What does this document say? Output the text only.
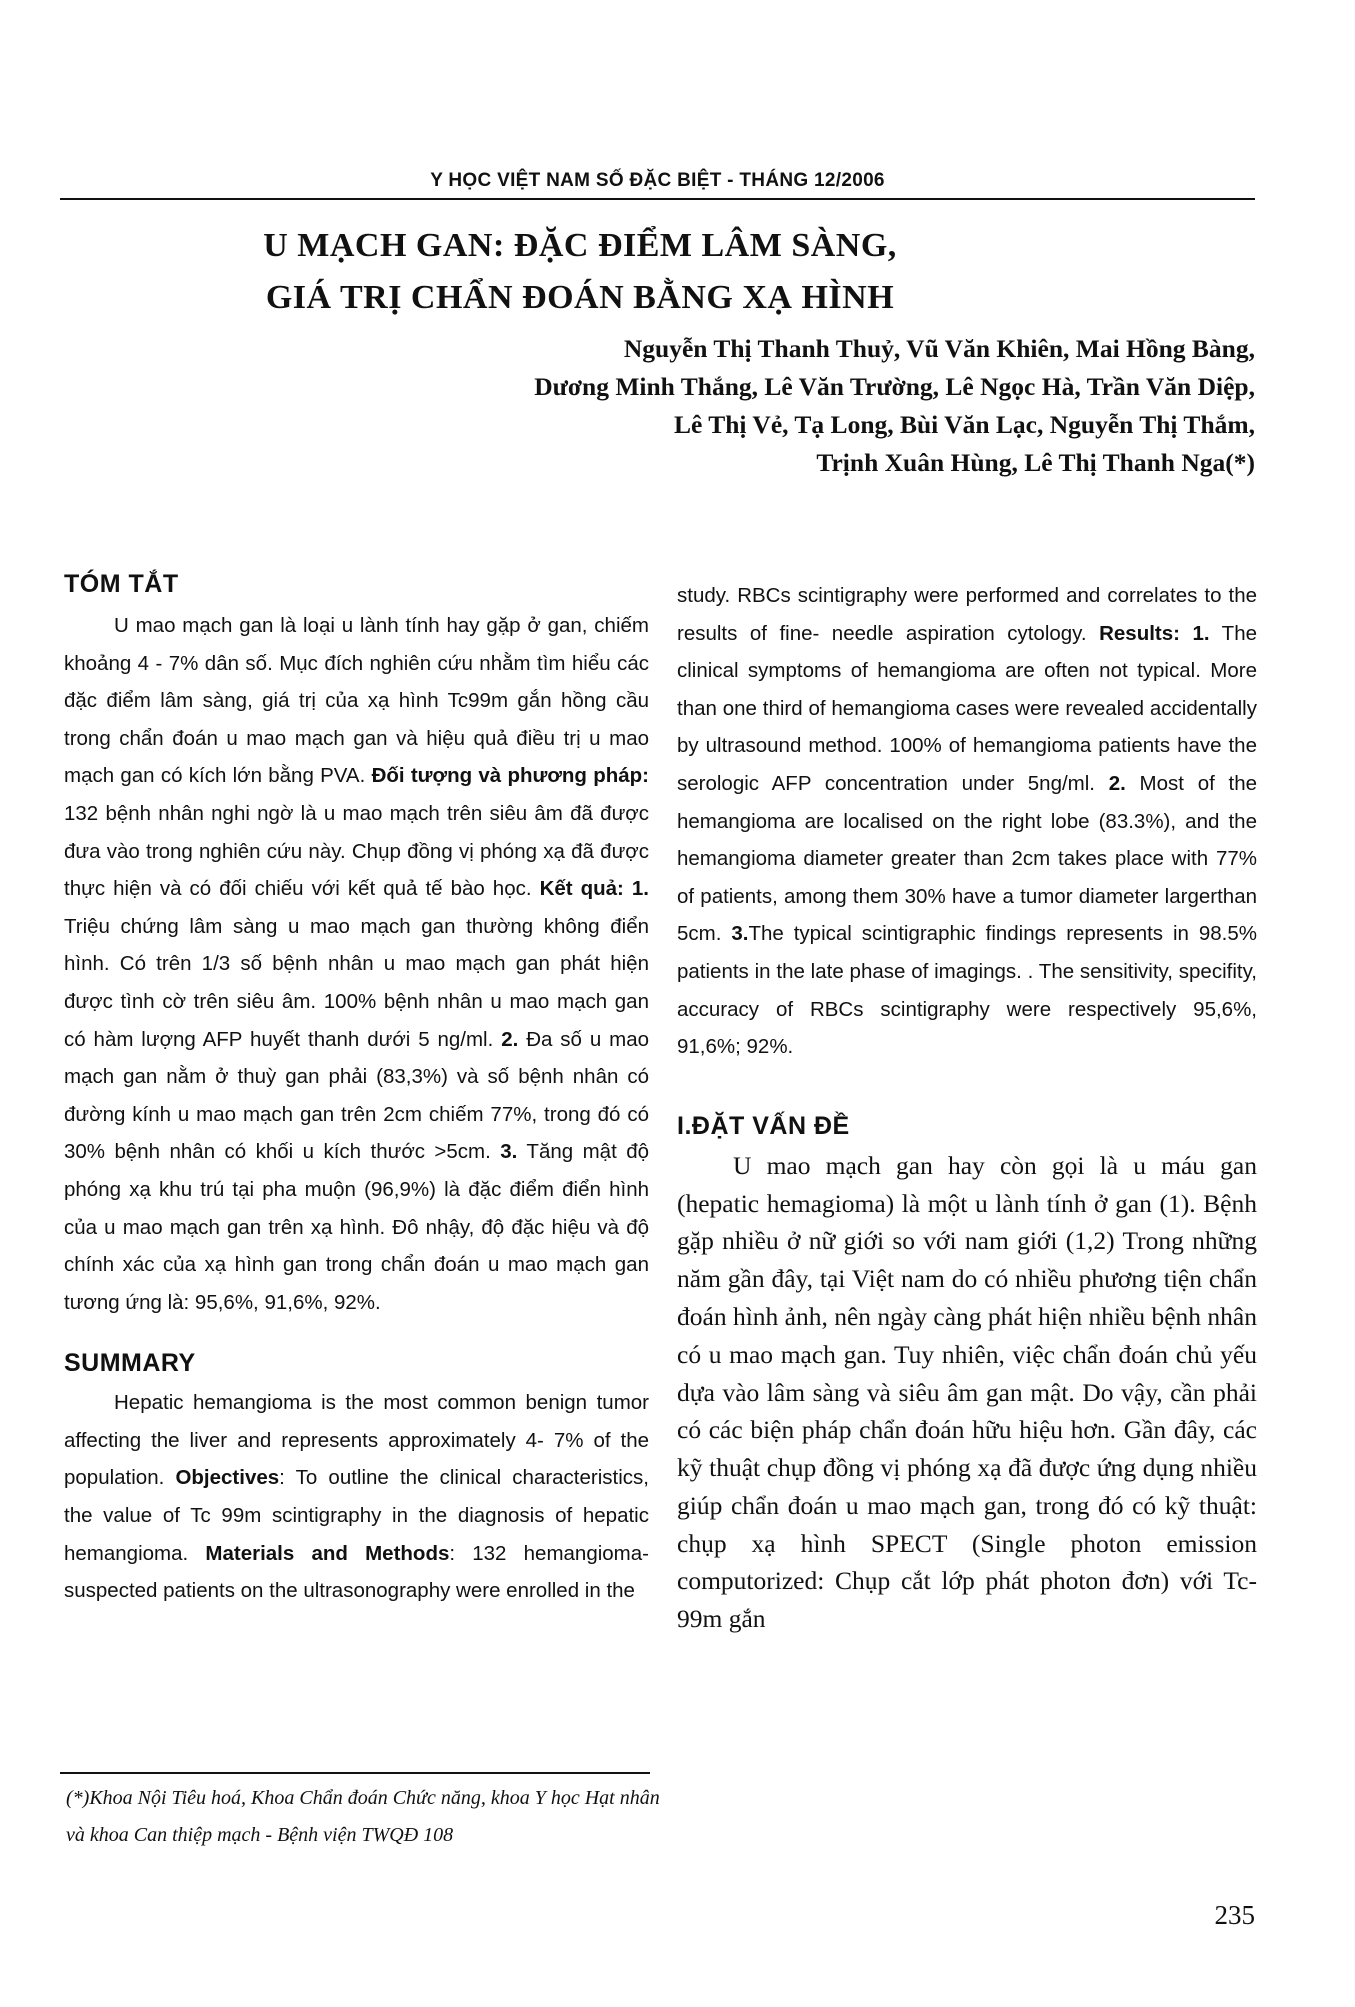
Y HỌC VIỆT NAM SỐ ĐẶC BIỆT - THÁNG 12/2006
U MẠCH GAN: ĐẶC ĐIỂM LÂM SÀNG,
GIÁ TRỊ CHẨN ĐOÁN BẰNG XẠ HÌNH
Nguyễn Thị Thanh Thuỷ, Vũ Văn Khiên, Mai Hồng Bàng,
Dương Minh Thắng, Lê Văn Trường, Lê Ngọc Hà, Trần Văn Diệp,
Lê Thị Vẻ, Tạ Long, Bùi Văn Lạc, Nguyễn Thị Thắm,
Trịnh Xuân Hùng, Lê Thị Thanh Nga(*)
TÓM TẮT

U mao mạch gan là loại u lành tính hay gặp ở gan, chiếm khoảng 4 - 7% dân số. Mục đích nghiên cứu nhằm tìm hiểu các đặc điểm lâm sàng, giá trị của xạ hình Tc99m gắn hồng cầu trong chẩn đoán u mao mạch gan và hiệu quả điều trị u mao mạch gan có kích lớn bằng PVA. Đối tượng và phương pháp: 132 bệnh nhân nghi ngờ là u mao mạch trên siêu âm đã được đưa vào trong nghiên cứu này. Chụp đồng vị phóng xạ đã được thực hiện và có đối chiếu với kết quả tế bào học. Kết quả: 1. Triệu chứng lâm sàng u mao mạch gan thường không điển hình. Có trên 1/3 số bệnh nhân u mao mạch gan phát hiện được tình cờ trên siêu âm. 100% bệnh nhân u mao mạch gan có hàm lượng AFP huyết thanh dưới 5 ng/ml. 2. Đa số u mao mạch gan nằm ở thuỳ gan phải (83,3%) và số bệnh nhân có đường kính u mao mạch gan trên 2cm chiếm 77%, trong đó có 30% bệnh nhân có khối u kích thước >5cm. 3. Tăng mật độ phóng xạ khu trú tại pha muộn (96,9%) là đặc điểm điển hình của u mao mạch gan trên xạ hình. Đô nhậy, độ đặc hiệu và độ chính xác của xạ hình gan trong chẩn đoán u mao mạch gan tương ứng là: 95,6%, 91,6%, 92%.

SUMMARY

Hepatic hemangioma is the most common benign tumor affecting the liver and represents approximately 4- 7% of the population. Objectives: To outline the clinical characteristics, the value of Tc 99m scintigraphy in the diagnosis of hepatic hemangioma. Materials and Methods: 132 hemangioma- suspected patients on the ultrasonography were enrolled in the

study. RBCs scintigraphy were performed and correlates to the results of fine- needle aspiration cytology. Results: 1. The clinical symptoms of hemangioma are often not typical. More than one third of hemangioma cases were revealed accidentally by ultrasound method. 100% of hemangioma patients have the serologic AFP concentration under 5ng/ml. 2. Most of the hemangioma are localised on the right lobe (83.3%), and the hemangioma diameter greater than 2cm takes place with 77% of patients, among them 30% have a tumor diameter largerthan 5cm. 3.The typical scintigraphic findings represents in 98.5% patients in the late phase of imagings. . The sensitivity, specifity, accuracy of RBCs scintigraphy were respectively 95,6%, 91,6%; 92%.

I.ĐẶT VẤN ĐỀ

U mao mạch gan hay còn gọi là u máu gan (hepatic hemagioma) là một u lành tính ở gan (1). Bệnh gặp nhiều ở nữ giới so với nam giới (1,2) Trong những năm gần đây, tại Việt nam do có nhiều phương tiện chẩn đoán hình ảnh, nên ngày càng phát hiện nhiều bệnh nhân có u mao mạch gan. Tuy nhiên, việc chẩn đoán chủ yếu dựa vào lâm sàng và siêu âm gan mật. Do vậy, cần phải có các biện pháp chẩn đoán hữu hiệu hơn. Gần đây, các kỹ thuật chụp đồng vị phóng xạ đã được ứng dụng nhiều giúp chẩn đoán u mao mạch gan, trong đó có kỹ thuật: chụp xạ hình SPECT (Single photon emission computorized: Chụp cắt lớp phát photon đơn) với Tc-99m gắn

(*)Khoa Nội Tiêu hoá, Khoa Chẩn đoán Chức năng, khoa Y học Hạt nhân
và khoa Can thiệp mạch - Bệnh viện TWQĐ 108
235
